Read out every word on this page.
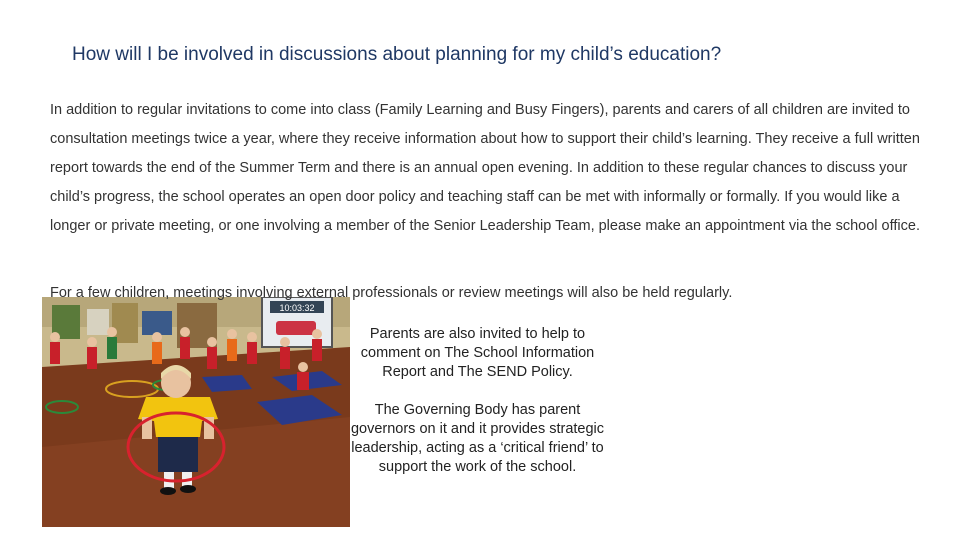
How will I be involved in discussions about planning for my child’s education?

In addition to regular invitations to come into class (Family Learning and Busy Fingers), parents and carers of all children are invited to consultation meetings twice a year, where they receive information about how to support their child’s learning. They receive a full written report towards the end of the Summer Term and there is an annual open evening. In addition to these regular chances to discuss your child’s progress, the school operates an open door policy and teaching staff can be met with informally or formally. If you would like a longer or private meeting, or one involving a member of the Senior Leadership Team, please make an appointment via the school office.

10:03:32

For a few children, meetings involving external professionals or review meetings will also be held regularly.

Parents are also invited to help to comment on The School Information Report and The SEND Policy.

The Governing Body has parent governors on it and it provides strategic leadership, acting as a ‘critical friend’ to support the work of the school.
